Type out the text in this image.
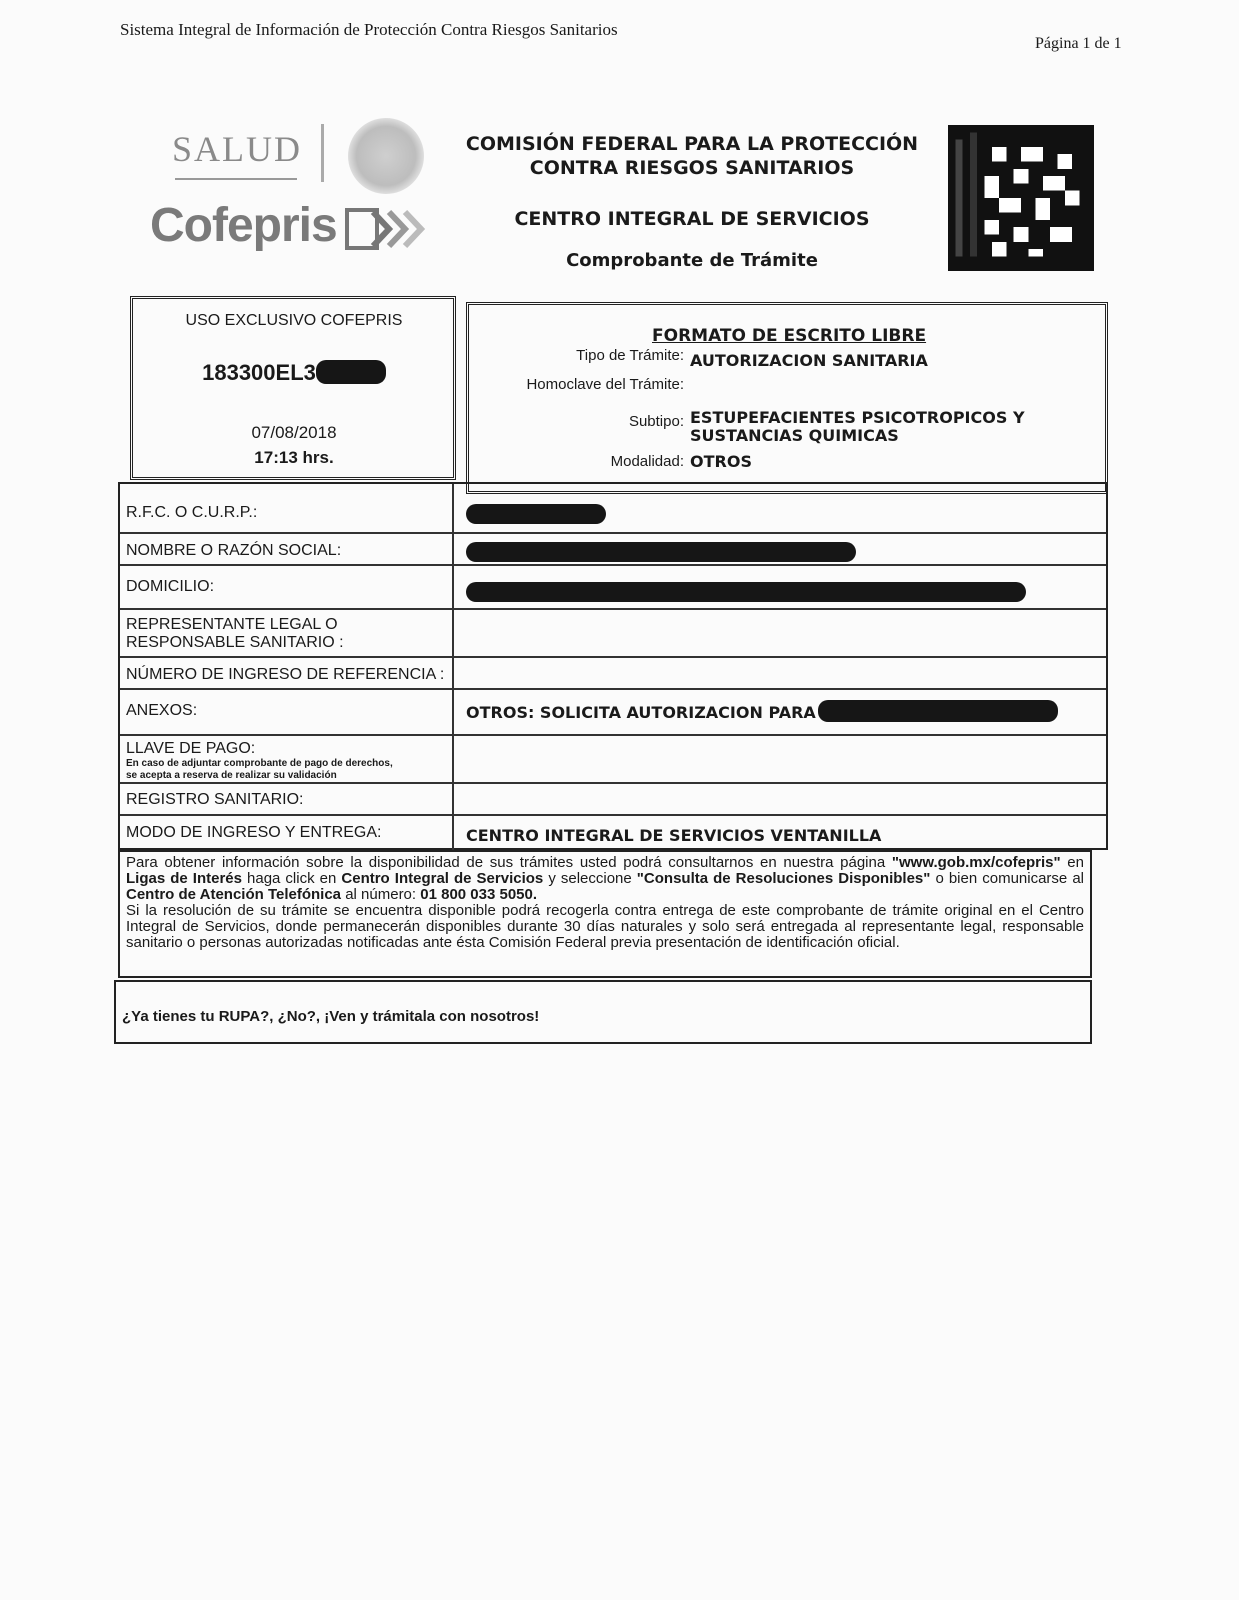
Sistema Integral de Información de Protección Contra Riesgos Sanitarios
Página 1 de 1
SALUD
Cofepris
COMISIÓN FEDERAL PARA LA PROTECCIÓN
CONTRA RIESGOS SANITARIOS
CENTRO INTEGRAL DE SERVICIOS
Comprobante de Trámite
USO EXCLUSIVO COFEPRIS
183300EL3
07/08/2018
17:13 hrs.
FORMATO DE ESCRITO LIBRE
Tipo de Trámite: AUTORIZACION SANITARIA
Homoclave del Trámite:
Subtipo: ESTUPEFACIENTES PSICOTROPICOS Y
SUSTANCIAS QUIMICAS
Modalidad: OTROS
R.F.C. O C.U.R.P.:
NOMBRE O RAZÓN SOCIAL:
DOMICILIO:
REPRESENTANTE LEGAL O
RESPONSABLE SANITARIO :
NÚMERO DE INGRESO DE REFERENCIA :
ANEXOS:	OTROS: SOLICITA AUTORIZACION PARA
LLAVE DE PAGO:
En caso de adjuntar comprobante de pago de derechos,
se acepta a reserva de realizar su validación
REGISTRO SANITARIO:
MODO DE INGRESO Y ENTREGA:	CENTRO INTEGRAL DE SERVICIOS VENTANILLA
Para obtener información sobre la disponibilidad de sus trámites usted podrá consultarnos en nuestra página "www.gob.mx/cofepris" en Ligas de Interés haga click en Centro Integral de Servicios y seleccione "Consulta de Resoluciones Disponibles" o bien comunicarse al Centro de Atención Telefónica al número: 01 800 033 5050.
Si la resolución de su trámite se encuentra disponible podrá recogerla contra entrega de este comprobante de trámite original en el Centro Integral de Servicios, donde permanecerán disponibles durante 30 días naturales y solo será entregada al representante legal, responsable sanitario o personas autorizadas notificadas ante ésta Comisión Federal previa presentación de identificación oficial.
¿Ya tienes tu RUPA?, ¿No?, ¡Ven y trámitala con nosotros!
